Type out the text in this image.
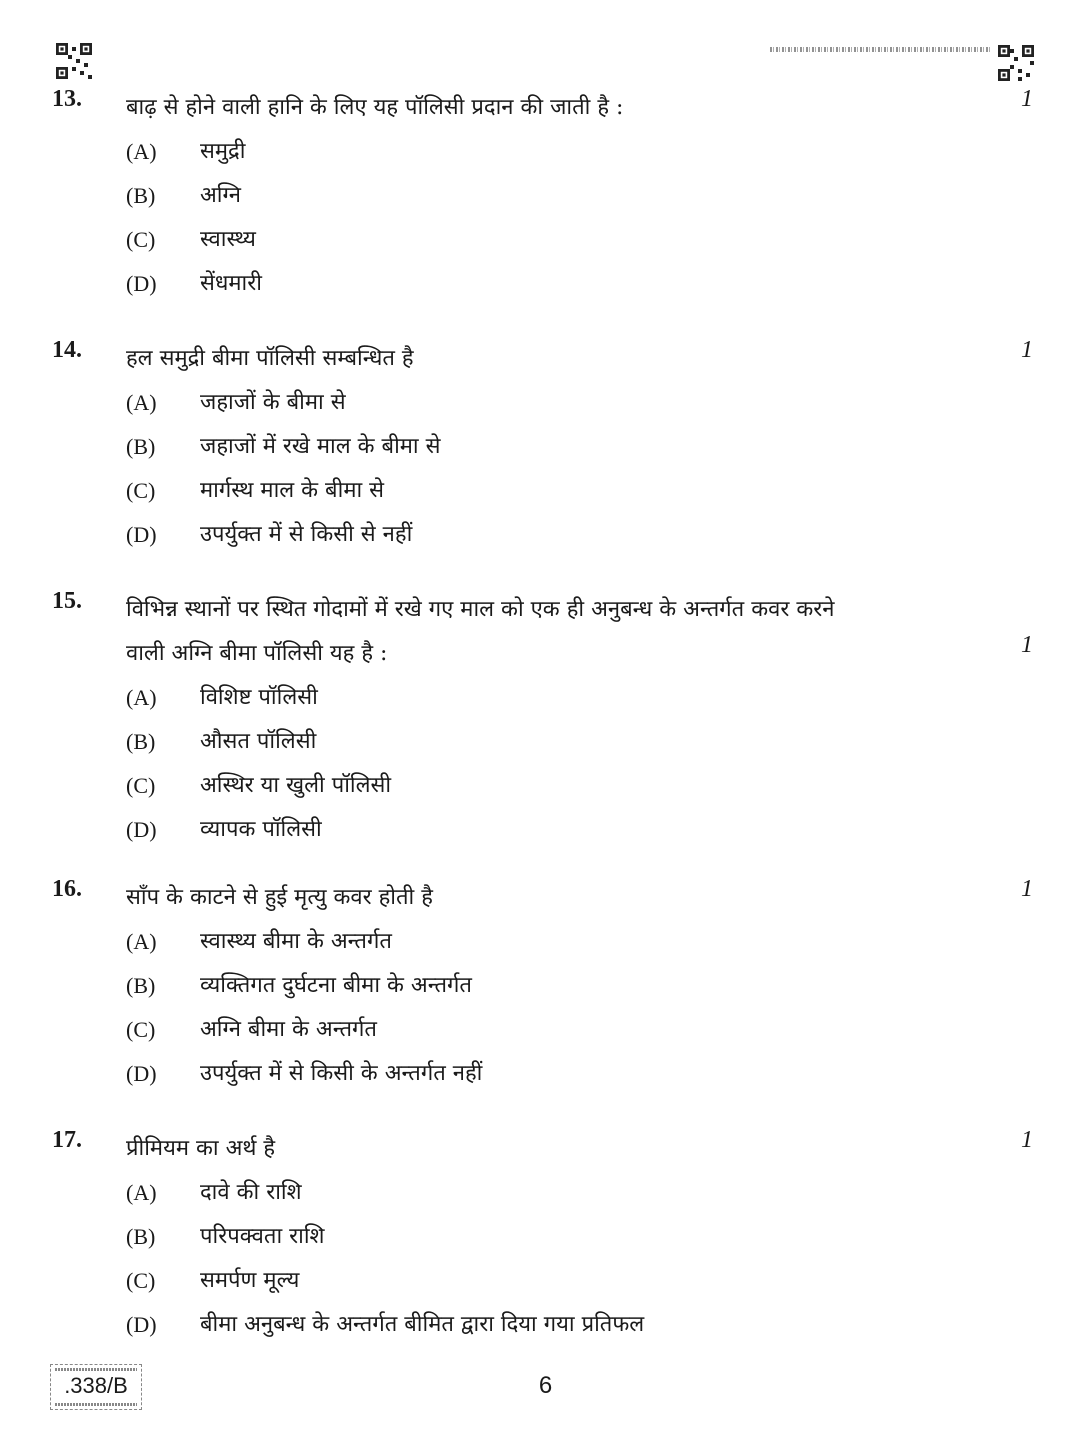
13. बाढ़ से होने वाली हानि के लिए यह पॉलिसी प्रदान की जाती है :	1
(A) समुद्री
(B) अग्नि
(C) स्वास्थ्य
(D) सेंधमारी
14. हल समुद्री बीमा पॉलिसी सम्बन्धित है	1
(A) जहाजों के बीमा से
(B) जहाजों में रखे माल के बीमा से
(C) मार्गस्थ माल के बीमा से
(D) उपर्युक्त में से किसी से नहीं
15. विभिन्न स्थानों पर स्थित गोदामों में रखे गए माल को एक ही अनुबन्ध के अन्तर्गत कवर करने
वाली अग्नि बीमा पॉलिसी यह है :	1
(A) विशिष्ट पॉलिसी
(B) औसत पॉलिसी
(C) अस्थिर या खुली पॉलिसी
(D) व्यापक पॉलिसी
16. साँप के काटने से हुई मृत्यु कवर होती है	1
(A) स्वास्थ्य बीमा के अन्तर्गत
(B) व्यक्तिगत दुर्घटना बीमा के अन्तर्गत
(C) अग्नि बीमा के अन्तर्गत
(D) उपर्युक्त में से किसी के अन्तर्गत नहीं
17. प्रीमियम का अर्थ है	1
(A) दावे की राशि
(B) परिपक्वता राशि
(C) समर्पण मूल्य
(D) बीमा अनुबन्ध के अन्तर्गत बीमित द्वारा दिया गया प्रतिफल
.338/B	6
